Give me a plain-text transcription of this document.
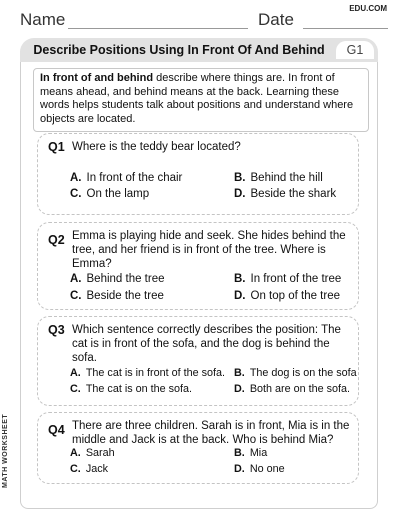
Name	Date
EDU.COM
Describe Positions Using In Front Of And Behind	G1
In front of and behind describe where things are. In front of means ahead, and behind means at the back. Learning these words helps students talk about positions and understand where objects are located.
Q1 Where is the teddy bear located?
A. In front of the chair	B. Behind the hill
C. On the lamp	D. Beside the shark
Q2 Emma is playing hide and seek. She hides behind the tree, and her friend is in front of the tree. Where is Emma?
A. Behind the tree	B. In front of the tree
C. Beside the tree	D. On top of the tree
Q3 Which sentence correctly describes the position: The cat is in front of the sofa, and the dog is behind the sofa.
A. The cat is in front of the sofa. B. The dog is on the sofa
C. The cat is on the sofa.	D. Both are on the sofa.
Q4 There are three children. Sarah is in front, Mia is in the middle and Jack is at the back. Who is behind Mia?
A. Sarah	B. Mia
C. Jack	D. No one
MATH WORKSHEET
